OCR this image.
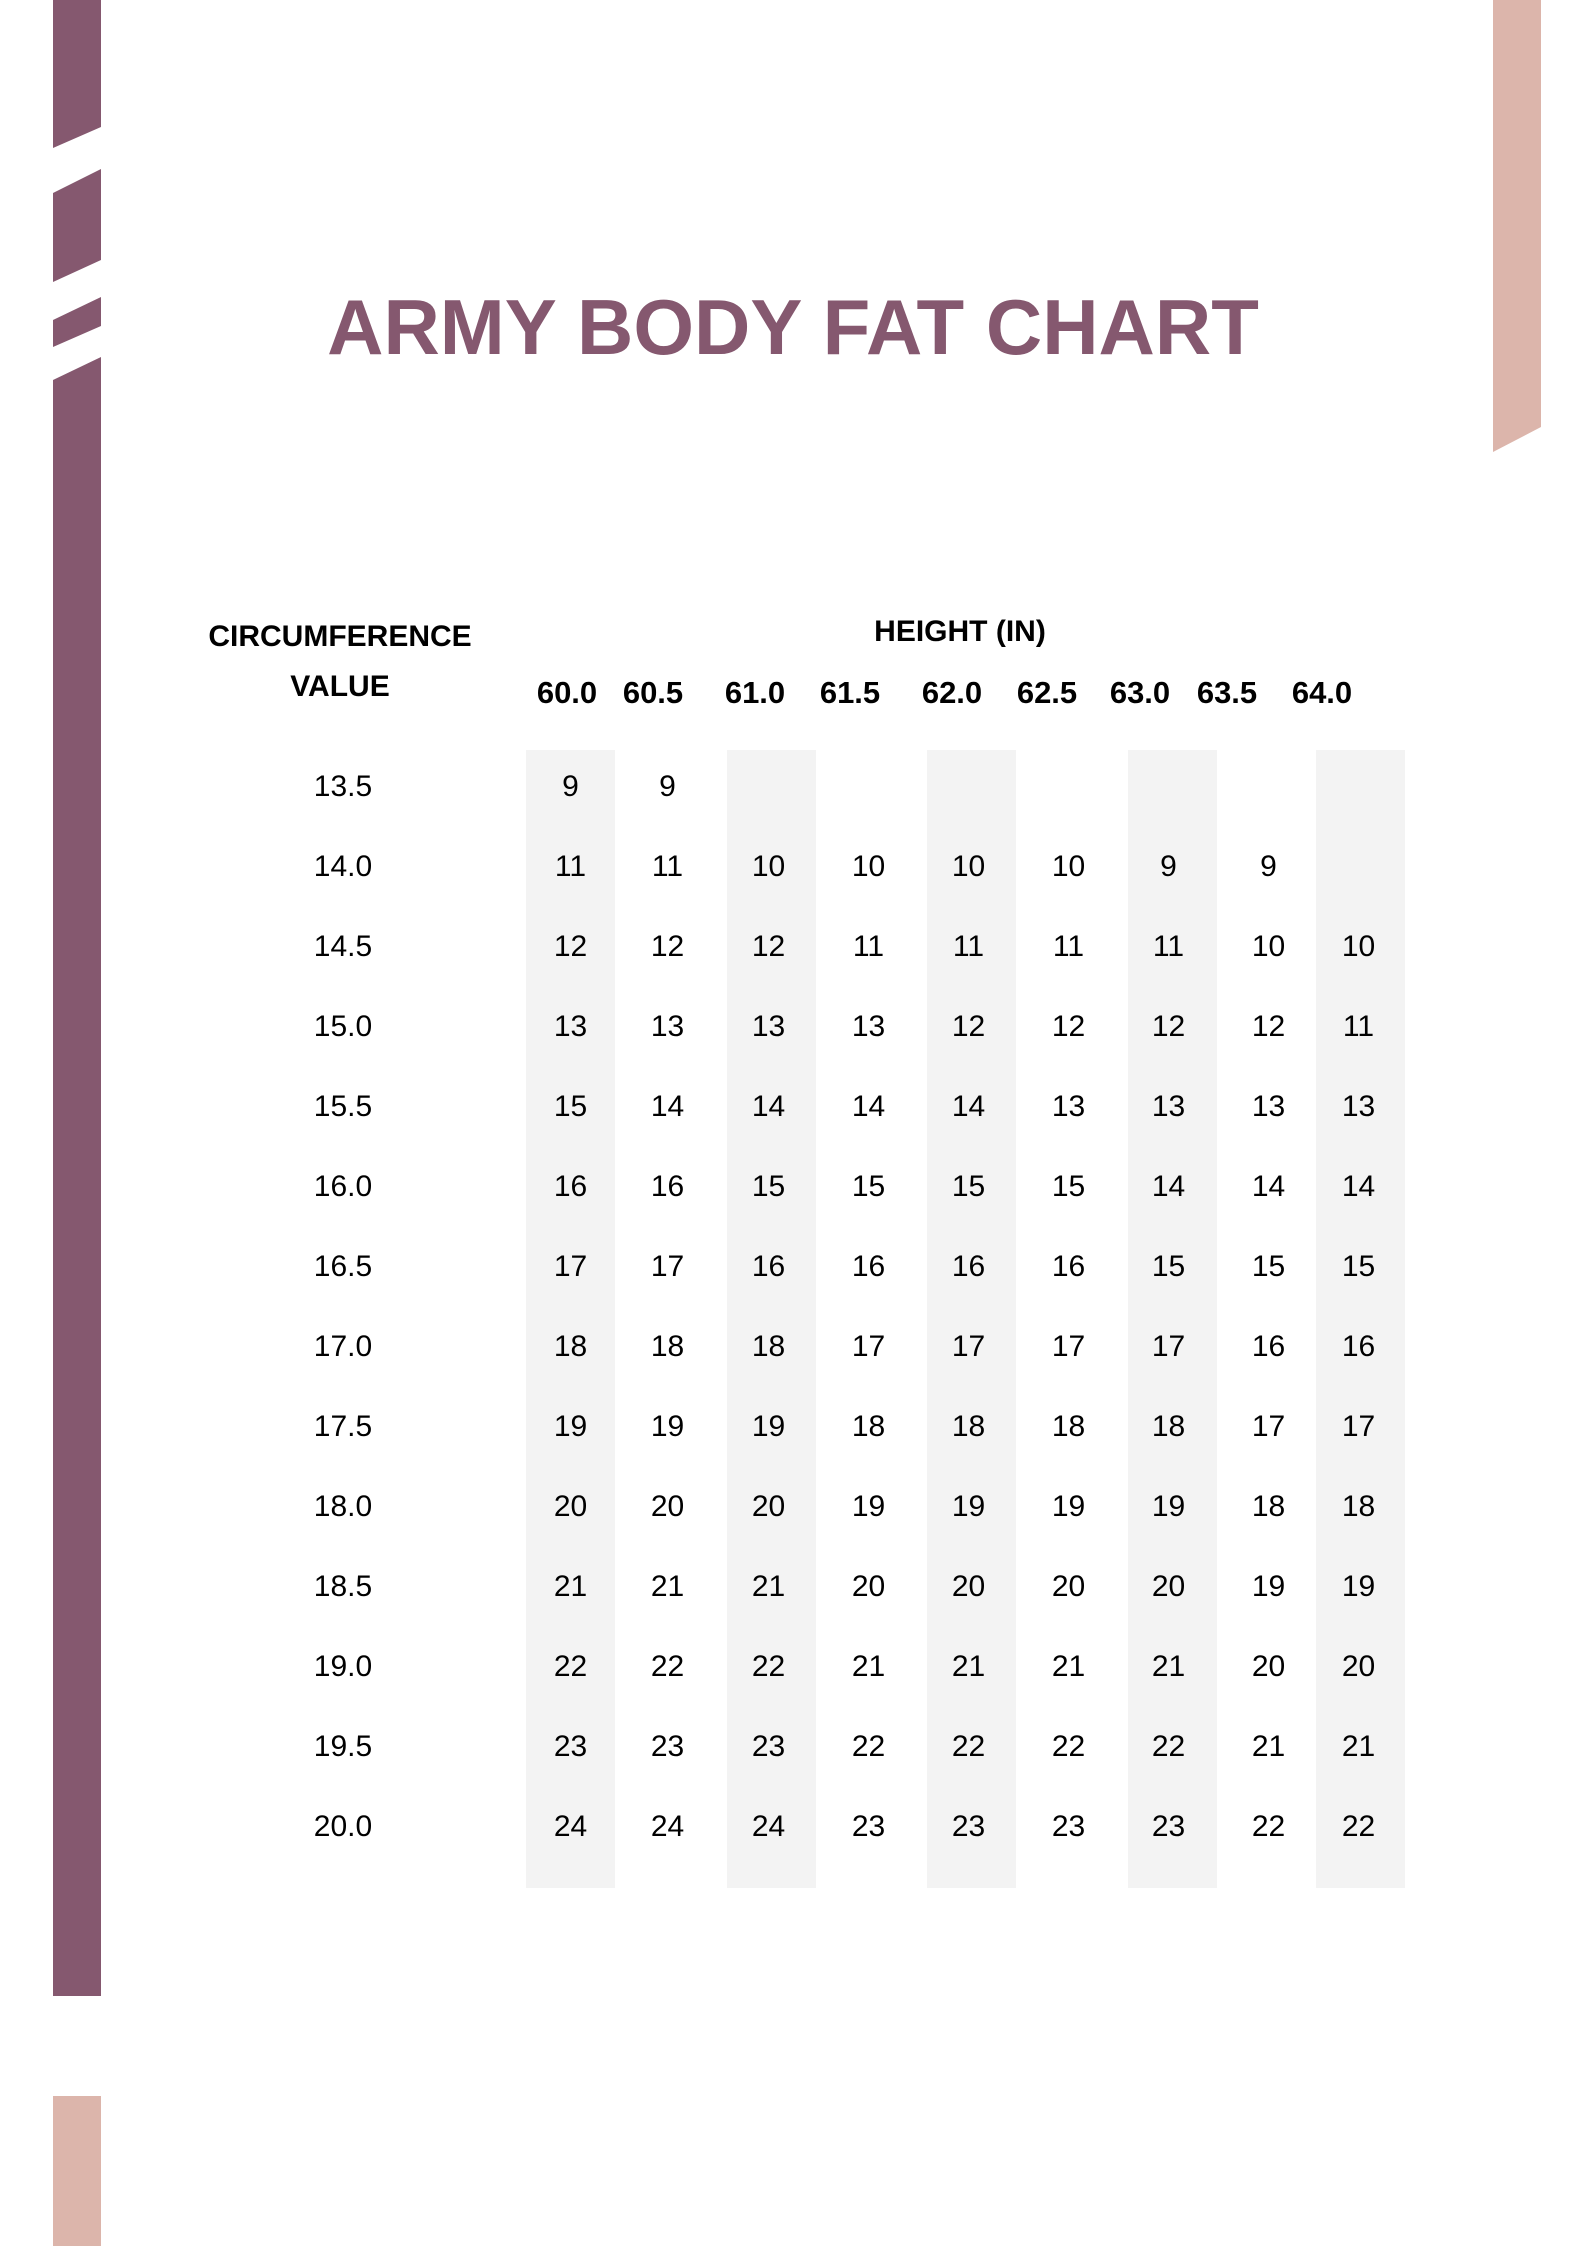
ARMY BODY FAT CHART
CIRCUMFERENCE
VALUE
HEIGHT (IN)
60.0 60.5	61.0	61.5	62.0	62.5	63.0 63.5	64.0
13.5	9	9
14.0	11	11	10	10	10	10	9	9
14.5	12	12	12	11	11	11	11	10	10
15.0	13	13	13	13	12	12	12	12	11
15.5	15	14	14	14	14	13	13	13	13
16.0	16	16	15	15	15	15	14	14	14
16.5	17	17	16	16	16	16	15	15	15
17.0	18	18	18	17	17	17	17	16	16
17.5	19	19	19	18	18	18	18	17	17
18.0	20	20	20	19	19	19	19	18	18
18.5	21	21	21	20	20	20	20	19	19
19.0	22	22	22	21	21	21	21	20	20
19.5	23	23	23	22	22	22	22	21	21
20.0	24	24	24	23	23	23	23	22	22
